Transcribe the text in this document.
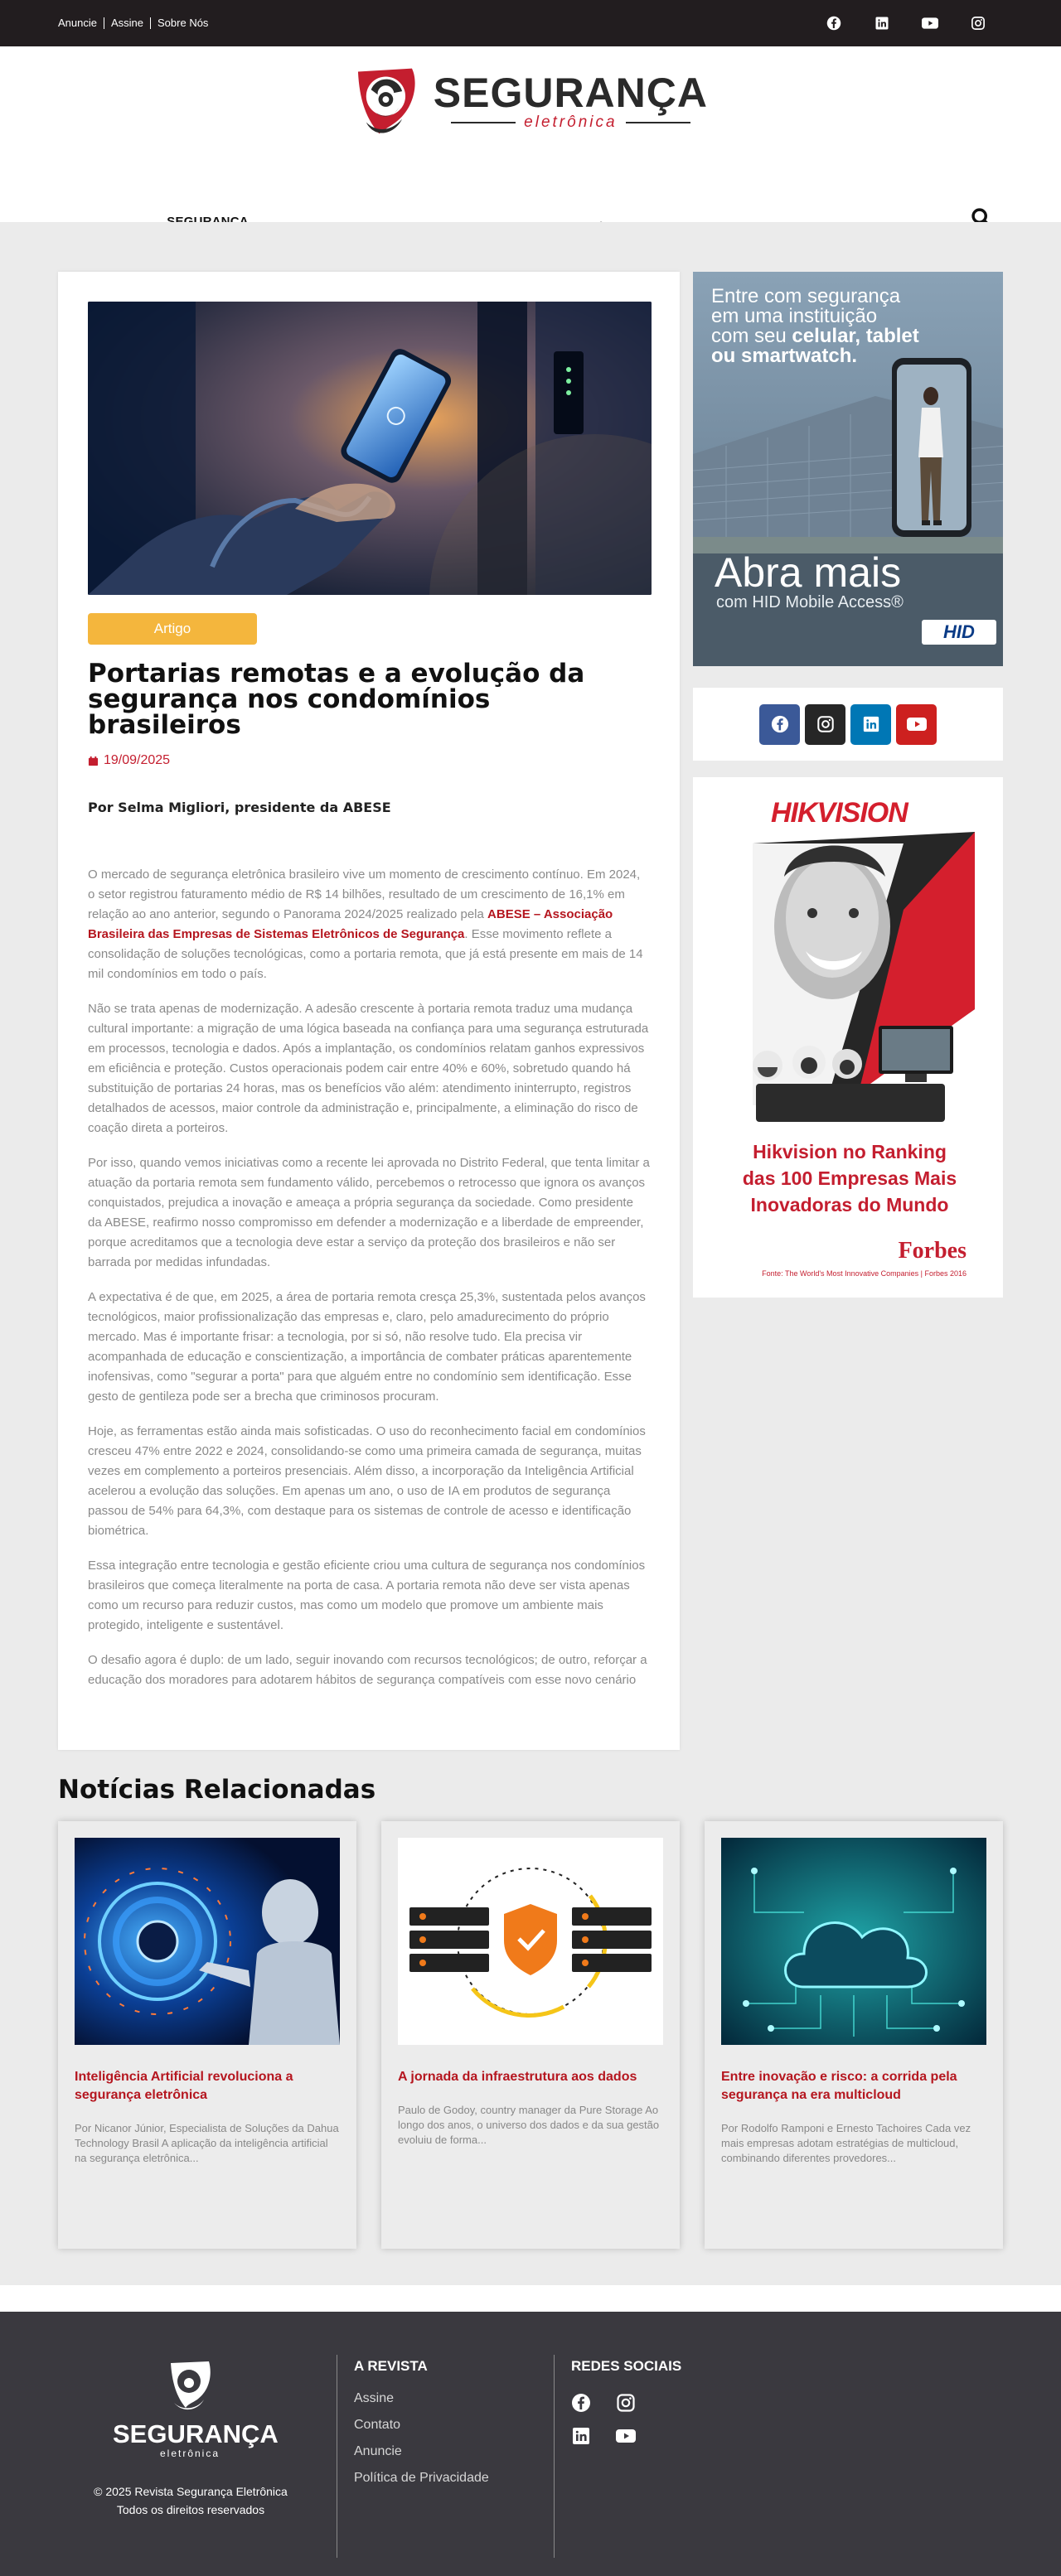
Anuncie	Assine	Sobre Nós
SEGURANÇA
eletrônica
Artigo
Portarias remotas e a evolução da segurança nos condomínios brasileiros
19/09/2025
Por Selma Migliori, presidente da ABESE

O mercado de segurança eletrônica brasileiro vive um momento de crescimento contínuo. Em 2024, o setor registrou faturamento médio de R$ 14 bilhões, resultado de um crescimento de 16,1% em relação ao ano anterior, segundo o Panorama 2024/2025 realizado pela ABESE – Associação Brasileira das Empresas de Sistemas Eletrônicos de Segurança. Esse movimento reflete a consolidação de soluções tecnológicas, como a portaria remota, que já está presente em mais de 14 mil condomínios em todo o país.

Não se trata apenas de modernização. A adesão crescente à portaria remota traduz uma mudança cultural importante: a migração de uma lógica baseada na confiança para uma segurança estruturada em processos, tecnologia e dados. Após a implantação, os condomínios relatam ganhos expressivos em eficiência e proteção. Custos operacionais podem cair entre 40% e 60%, sobretudo quando há substituição de portarias 24 horas, mas os benefícios vão além: atendimento ininterrupto, registros detalhados de acessos, maior controle da administração e, principalmente, a eliminação do risco de coação direta a porteiros.

Por isso, quando vemos iniciativas como a recente lei aprovada no Distrito Federal, que tenta limitar a atuação da portaria remota sem fundamento válido, percebemos o retrocesso que ignora os avanços conquistados, prejudica a inovação e ameaça a própria segurança da sociedade. Como presidente da ABESE, reafirmo nosso compromisso em defender a modernização e a liberdade de empreender, porque acreditamos que a tecnologia deve estar a serviço da proteção dos brasileiros e não ser barrada por medidas infundadas.

A expectativa é de que, em 2025, a área de portaria remota cresça 25,3%, sustentada pelos avanços tecnológicos, maior profissionalização das empresas e, claro, pelo amadurecimento do próprio mercado. Mas é importante frisar: a tecnologia, por si só, não resolve tudo. Ela precisa vir acompanhada de educação e conscientização, a importância de combater práticas aparentemente inofensivas, como "segurar a porta" para que alguém entre no condomínio sem identificação. Esse gesto de gentileza pode ser a brecha que criminosos procuram.

Hoje, as ferramentas estão ainda mais sofisticadas. O uso do reconhecimento facial em condomínios cresceu 47% entre 2022 e 2024, consolidando-se como uma primeira camada de segurança, muitas vezes em complemento a porteiros presenciais. Além disso, a incorporação da Inteligência Artificial acelerou a evolução das soluções. Em apenas um ano, o uso de IA em produtos de segurança passou de 54% para 64,3%, com destaque para os sistemas de controle de acesso e identificação biométrica.

Essa integração entre tecnologia e gestão eficiente criou uma cultura de segurança nos condomínios brasileiros que começa literalmente na porta de casa. A portaria remota não deve ser vista apenas como um recurso para reduzir custos, mas como um modelo que promove um ambiente mais protegido, inteligente e sustentável.

O desafio agora é duplo: de um lado, seguir inovando com recursos tecnológicos; de outro, reforçar a educação dos moradores para adotarem hábitos de segurança compatíveis com esse novo cenário

Entre com segurança
em uma instituição
com seu celular, tablet
ou smartwatch.
Abra mais
com HID Mobile Access®
HID
HIKVISION
Hikvision no Ranking
das 100 Empresas Mais
Inovadoras do Mundo
Forbes
Fonte: The World's Most Innovative Companies | Forbes 2016
Notícias Relacionadas
Inteligência Artificial revoluciona a segurança eletrônica

Por Nicanor Júnior, Especialista de Soluções da Dahua Technology Brasil A aplicação da inteligência artificial na segurança eletrônica...

A jornada da infraestrutura aos dados

Paulo de Godoy, country manager da Pure Storage Ao longo dos anos, o universo dos dados e da sua gestão evoluiu de forma...

Entre inovação e risco: a corrida pela segurança na era multicloud

Por Rodolfo Ramponi e Ernesto Tachoires Cada vez mais empresas adotam estratégias de multicloud, combinando diferentes provedores...

SEGURANÇA
eletrônica
© 2025 Revista Segurança Eletrônica
Todos os direitos reservados
A REVISTA
Assine
Contato
Anuncie
Política de Privacidade
REDES SOCIAIS
